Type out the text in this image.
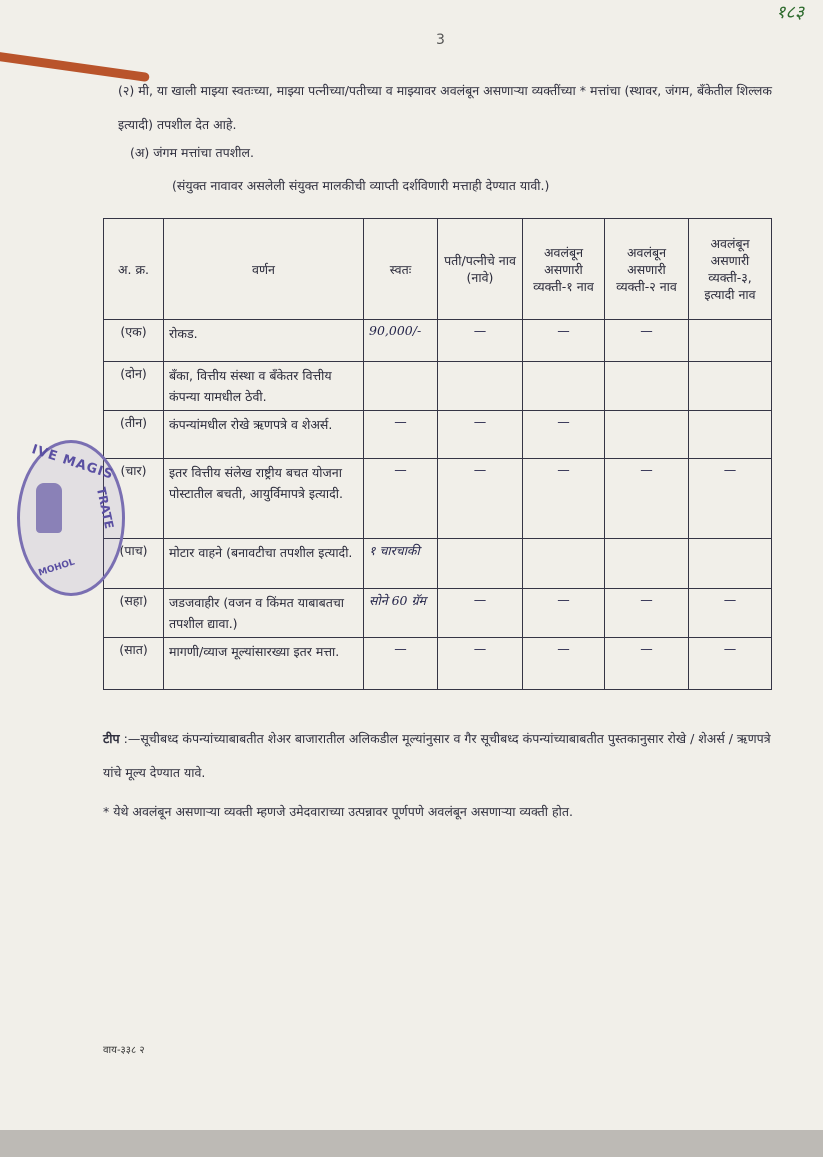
१८३
3
(२) मी, या खाली माझ्या स्वतःच्या, माझ्या पत्नीच्या/पतीच्या व माझ्यावर अवलंबून असणाऱ्या व्यक्तींच्या * मत्तांचा (स्थावर, जंगम, बँकेतील शिल्लक इत्यादी) तपशील देत आहे.
(अ) जंगम मत्तांचा तपशील.
(संयुक्त नावावर असलेली संयुक्त मालकीची व्याप्ती दर्शविणारी मत्ताही देण्यात यावी.)
अ. क्र.	वर्णन	स्वतः	पती/पत्नीचे नाव (नावे)	अवलंबून असणारी व्यक्ती-१ नाव	अवलंबून असणारी व्यक्ती-२ नाव	अवलंबून असणारी व्यक्ती-३, इत्यादी नाव
(एक)	रोकड.	90,000/-	—	—	—	
(दोन)	बँका, वित्तीय संस्था व बँकेतर वित्तीय कंपन्या यामधील ठेवी.					
(तीन)	कंपन्यांमधील रोखे ऋणपत्रे व शेअर्स.	—	—	—		
(चार)	इतर वित्तीय संलेख राष्ट्रीय बचत योजना पोस्टातील बचती, आयुर्विमापत्रे इत्यादी.	—	—	—	—	—
(पाच)	मोटार वाहने (बनावटीचा तपशील इत्यादी.	१ चारचाकी				
(सहा)	जडजवाहीर (वजन व किंमत याबाबतचा तपशील द्यावा.)	सोने 60 ग्रॅम	—	—	—	—
(सात)	मागणी/व्याज मूल्यांसारख्या इतर मत्ता.	—	—	—	—	—
IVE MAGIS
TRATE
MOHOL
टीप :—सूचीबध्द कंपन्यांच्याबाबतीत शेअर बाजारातील अलिकडील मूल्यांनुसार व गैर सूचीबध्द कंपन्यांच्याबाबतीत पुस्तकानुसार रोखे / शेअर्स / ऋणपत्रे यांचे मूल्य देण्यात यावे.
* येथे अवलंबून असणाऱ्या व्यक्ती म्हणजे उमेदवाराच्या उत्पन्नावर पूर्णपणे अवलंबून असणाऱ्या व्यक्ती होत.
वाय-३३८ २
